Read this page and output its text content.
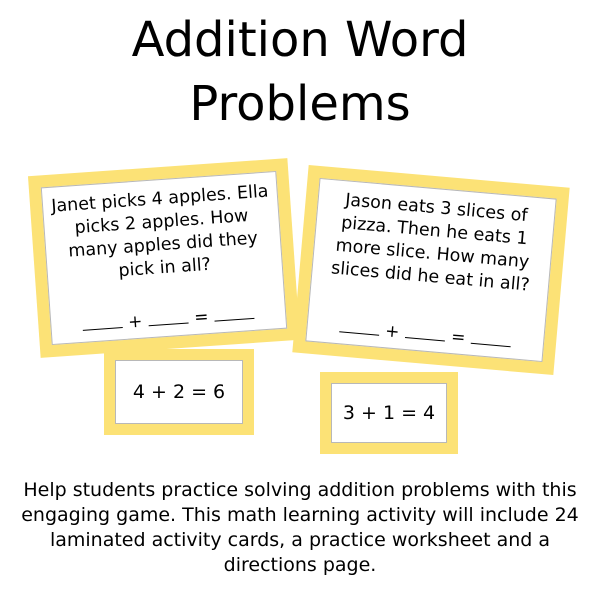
Addition Word
Problems
Janet picks 4 apples. Ella picks 2 apples. How many apples did they pick in all?
+	=
Jason eats 3 slices of pizza. Then he eats 1 more slice. How many slices did he eat in all?
+	=
4 + 2 = 6
3 + 1 = 4

Help students practice solving addition problems with this engaging game. This math learning activity will include 24 laminated activity cards, a practice worksheet and a directions page.
